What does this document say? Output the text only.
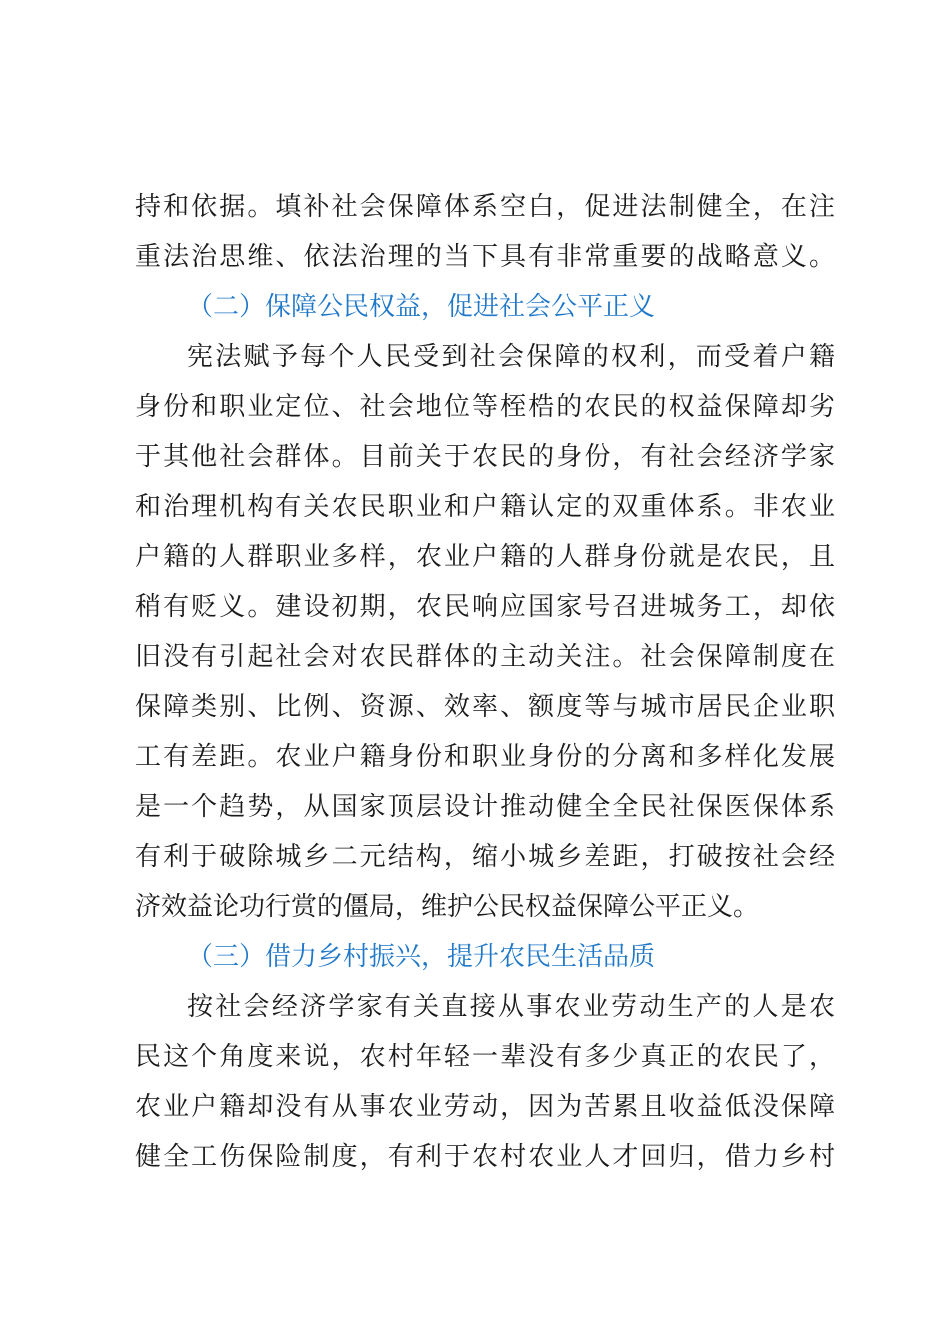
持和依据。填补社会保障体系空白，促进法制健全，在注
重法治思维、依法治理的当下具有非常重要的战略意义。
（二）保障公民权益，促进社会公平正义
宪法赋予每个人民受到社会保障的权利，而受着户籍
身份和职业定位、社会地位等桎梏的农民的权益保障却劣
于其他社会群体。目前关于农民的身份，有社会经济学家
和治理机构有关农民职业和户籍认定的双重体系。非农业
户籍的人群职业多样，农业户籍的人群身份就是农民，且
稍有贬义。建设初期，农民响应国家号召进城务工，却依
旧没有引起社会对农民群体的主动关注。社会保障制度在
保障类别、比例、资源、效率、额度等与城市居民企业职
工有差距。农业户籍身份和职业身份的分离和多样化发展
是一个趋势，从国家顶层设计推动健全全民社保医保体系
有利于破除城乡二元结构，缩小城乡差距，打破按社会经
济效益论功行赏的僵局，维护公民权益保障公平正义。
（三）借力乡村振兴，提升农民生活品质
按社会经济学家有关直接从事农业劳动生产的人是农
民这个角度来说，农村年轻一辈没有多少真正的农民了，
农业户籍却没有从事农业劳动，因为苦累且收益低没保障
健全工伤保险制度，有利于农村农业人才回归，借力乡村
